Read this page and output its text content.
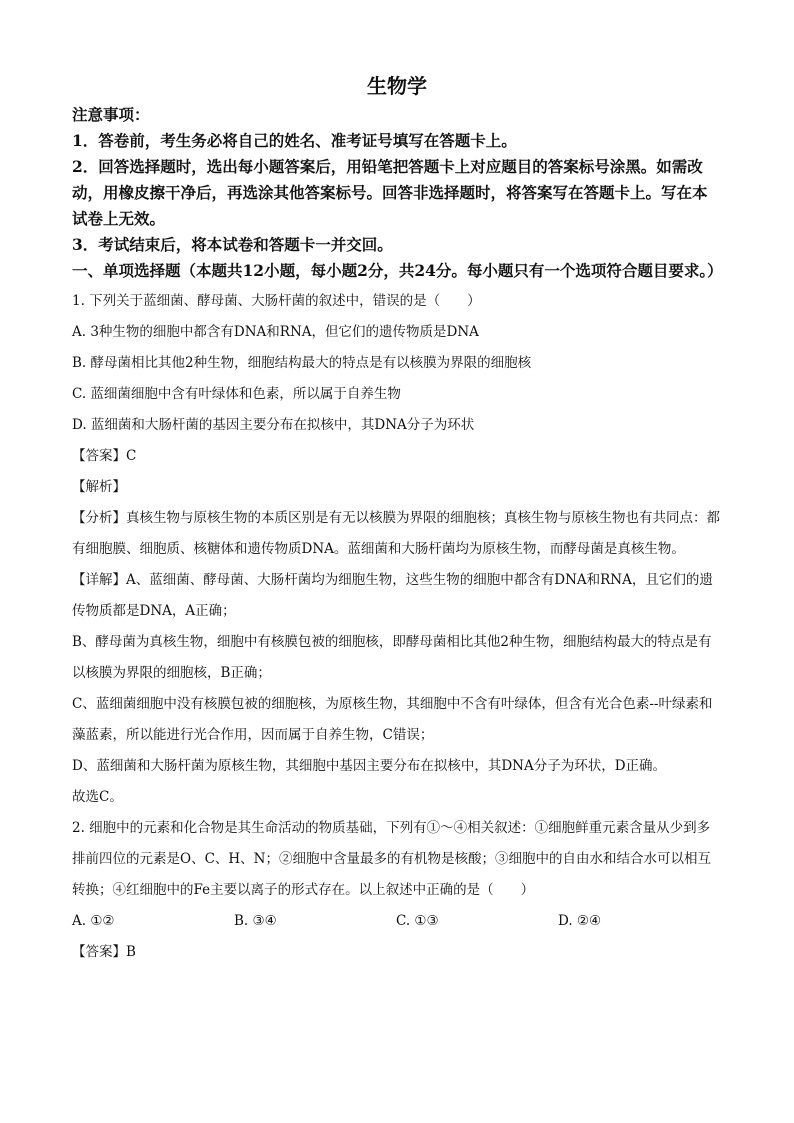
生物学

注意事项：

1．答卷前，考生务必将自己的姓名、准考证号填写在答题卡上。

2．回答选择题时，选出每小题答案后，用铅笔把答题卡上对应题目的答案标号涂黑。如需改动，用橡皮擦干净后，再选涂其他答案标号。回答非选择题时，将答案写在答题卡上。写在本试卷上无效。

3．考试结束后，将本试卷和答题卡一并交回。

一、单项选择题（本题共12小题，每小题2分，共24分。每小题只有一个选项符合题目要求。）

1. 下列关于蓝细菌、酵母菌、大肠杆菌的叙述中，错误的是（　　）

A. 3种生物的细胞中都含有DNA和RNA，但它们的遗传物质是DNA

B. 酵母菌相比其他2种生物，细胞结构最大的特点是有以核膜为界限的细胞核

C. 蓝细菌细胞中含有叶绿体和色素，所以属于自养生物

D. 蓝细菌和大肠杆菌的基因主要分布在拟核中，其DNA分子为环状

【答案】C

【解析】

【分析】真核生物与原核生物的本质区别是有无以核膜为界限的细胞核；真核生物与原核生物也有共同点：都有细胞膜、细胞质、核糖体和遗传物质DNA。蓝细菌和大肠杆菌均为原核生物，而酵母菌是真核生物。

【详解】A、蓝细菌、酵母菌、大肠杆菌均为细胞生物，这些生物的细胞中都含有DNA和RNA，且它们的遗传物质都是DNA，A正确；

B、酵母菌为真核生物，细胞中有核膜包被的细胞核，即酵母菌相比其他2种生物，细胞结构最大的特点是有以核膜为界限的细胞核，B正确；

C、蓝细菌细胞中没有核膜包被的细胞核，为原核生物，其细胞中不含有叶绿体，但含有光合色素--叶绿素和藻蓝素，所以能进行光合作用，因而属于自养生物，C错误；

D、蓝细菌和大肠杆菌为原核生物，其细胞中基因主要分布在拟核中，其DNA分子为环状，D正确。

故选C。

2. 细胞中的元素和化合物是其生命活动的物质基础，下列有①～④相关叙述：①细胞鲜重元素含量从少到多排前四位的元素是O、C、H、N；②细胞中含量最多的有机物是核酸；③细胞中的自由水和结合水可以相互转换；④红细胞中的Fe主要以离子的形式存在。以上叙述中正确的是（　　）

A. ①②	B. ③④	C. ①③	D. ②④

【答案】B
